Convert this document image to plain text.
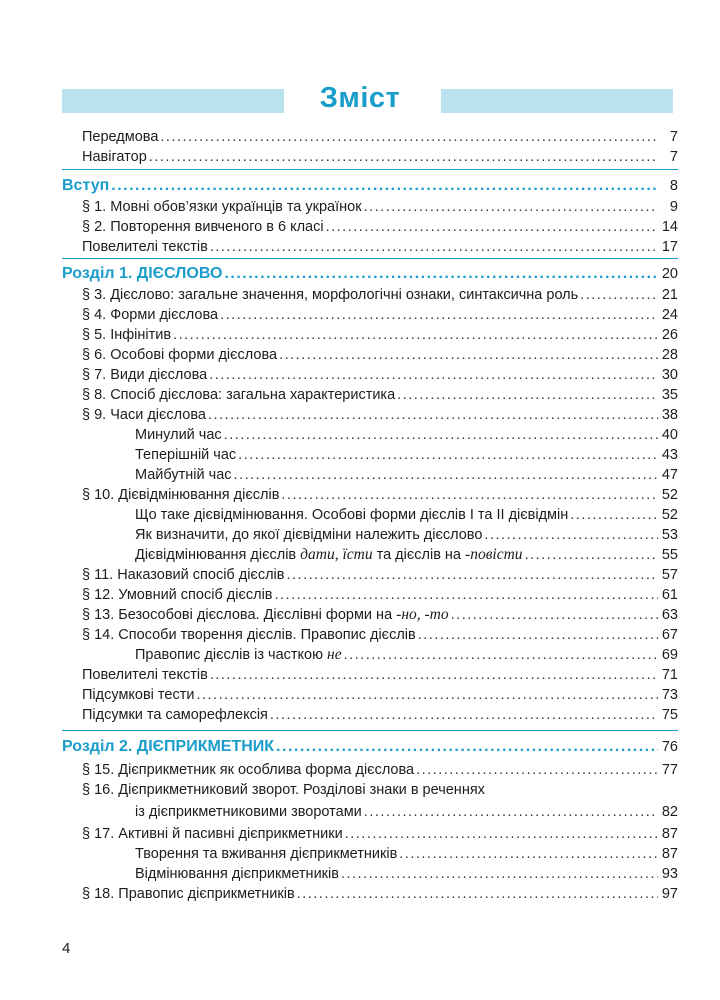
Зміст
Передмова .....	7
Навігатор .....	7
Вступ .....	8
§ 1. Мовні обов’язки українців та українок .....	9
§ 2. Повторення вивченого в 6 класі .....	14
Повелителі текстів .....	17
Розділ 1. ДІЄСЛОВО .....	20
§ 3. Дієслово: загальне значення, морфологічні ознаки, синтаксична роль .....	21
§ 4. Форми дієслова .....	24
§ 5. Інфінітив .....	26
§ 6. Особові форми дієслова .....	28
§ 7. Види дієслова .....	30
§ 8. Спосіб дієслова: загальна характеристика .....	35
§ 9. Часи дієслова .....	38
Минулий час .....	40
Теперішній час .....	43
Майбутній час .....	47
§ 10. Дієвідмінювання дієслів .....	52
Що таке дієвідмінювання. Особові форми дієслів I та II дієвідмін .....	52
Як визначити, до якої дієвідміни належить дієслово .....	53
Дієвідмінювання дієслів дати, їсти та дієслів на -повісти .....	55
§ 11. Наказовий спосіб дієслів .....	57
§ 12. Умовний спосіб дієслів .....	61
§ 13. Безособові дієслова. Дієслівні форми на -но, -то .....	63
§ 14. Способи творення дієслів. Правопис дієслів .....	67
Правопис дієслів із часткою не .....	69
Повелителі текстів .....	71
Підсумкові тести .....	73
Підсумки та саморефлексія .....	75
Розділ 2. ДІЄПРИКМЕТНИК .....	76
§ 15. Дієприкметник як особлива форма дієслова .....	77
§ 16. Дієприкметниковий зворот. Розділові знаки в реченнях
із дієприкметниковими зворотами .....	82
§ 17. Активні й пасивні дієприкметники .....	87
Творення та вживання дієприкметників .....	87
Відмінювання дієприкметників .....	93
§ 18. Правопис дієприкметників .....	97
4
